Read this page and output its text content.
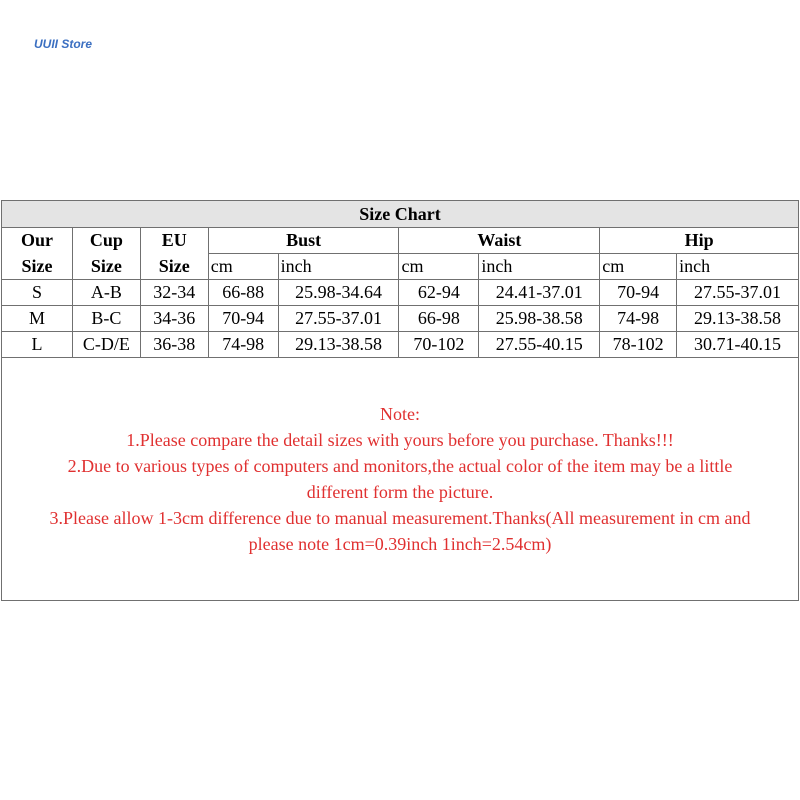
UUII Store
Size Chart								
Our	Cup	EU	Bust		Waist		Hip	
Size	Size	Size	cm	inch	cm	inch	cm	inch
S	A-B	32-34	66-88	25.98-34.64	62-94	24.41-37.01	70-94	27.55-37.01
M	B-C	34-36	70-94	27.55-37.01	66-98	25.98-38.58	74-98	29.13-38.58
L	C-D/E	36-38	74-98	29.13-38.58	70-102	27.55-40.15	78-102	30.71-40.15
Note:
1.Please compare the detail sizes with yours before you purchase. Thanks!!!
2.Due to various types of computers and monitors,the actual color of the item may be a little
different form the picture.
3.Please allow 1-3cm difference due to manual measurement.Thanks(All measurement in cm and
please note 1cm=0.39inch 1inch=2.54cm)
